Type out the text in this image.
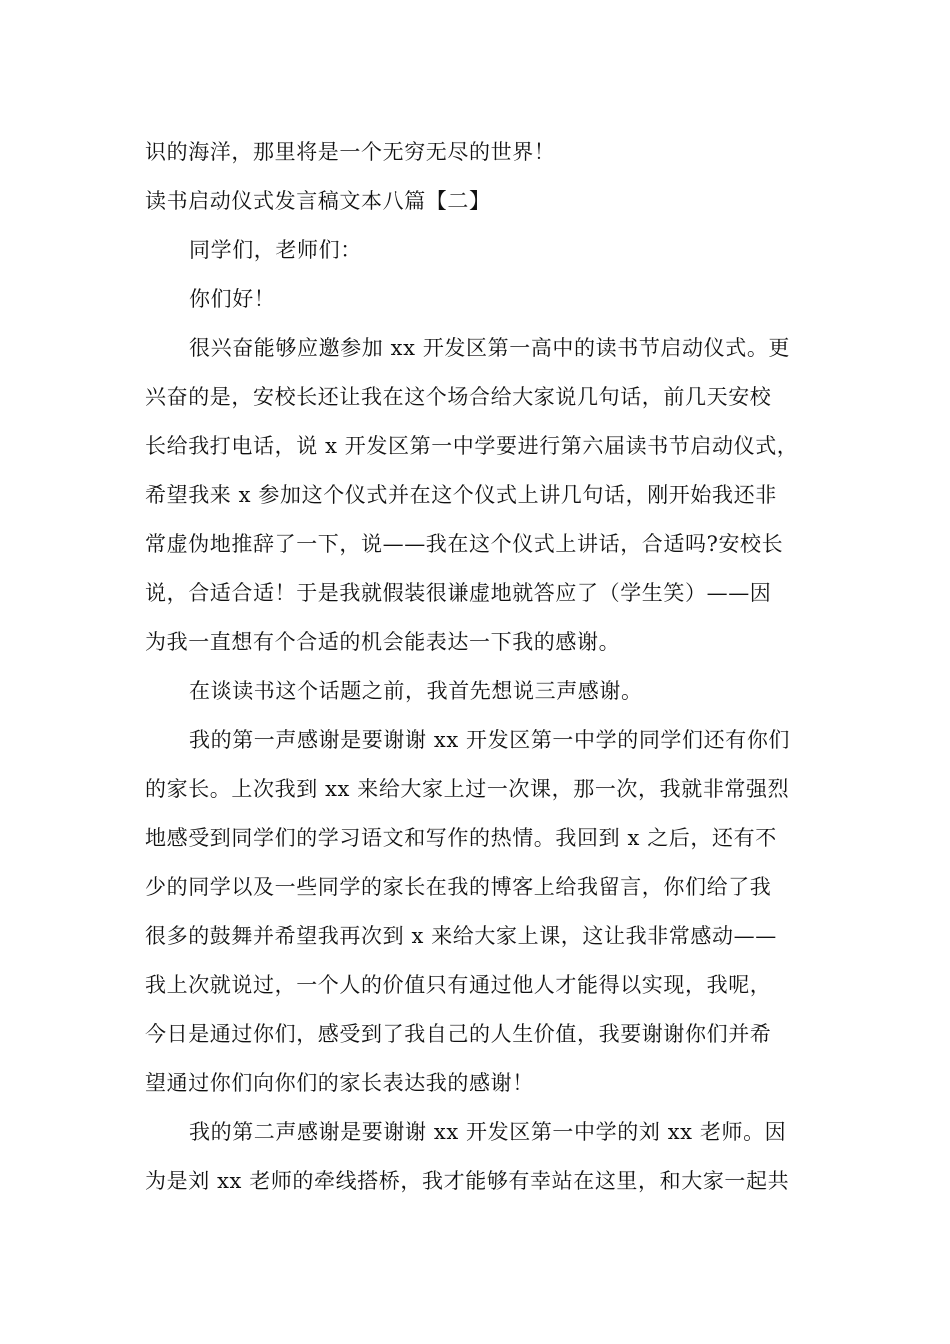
识的海洋，那里将是一个无穷无尽的世界！
读书启动仪式发言稿文本八篇【二】
同学们，老师们：
你们好！
很兴奋能够应邀参加 xx 开发区第一高中的读书节启动仪式。更
兴奋的是，安校长还让我在这个场合给大家说几句话，前几天安校
长给我打电话，说 x 开发区第一中学要进行第六届读书节启动仪式，
希望我来 x 参加这个仪式并在这个仪式上讲几句话，刚开始我还非
常虚伪地推辞了一下，说——我在这个仪式上讲话，合适吗?安校长
说，合适合适！于是我就假装很谦虚地就答应了（学生笑）——因
为我一直想有个合适的机会能表达一下我的感谢。
在谈读书这个话题之前，我首先想说三声感谢。
我的第一声感谢是要谢谢 xx 开发区第一中学的同学们还有你们
的家长。上次我到 xx 来给大家上过一次课，那一次，我就非常强烈
地感受到同学们的学习语文和写作的热情。我回到 x 之后，还有不
少的同学以及一些同学的家长在我的博客上给我留言，你们给了我
很多的鼓舞并希望我再次到 x 来给大家上课，这让我非常感动——
我上次就说过，一个人的价值只有通过他人才能得以实现，我呢，
今日是通过你们，感受到了我自己的人生价值，我要谢谢你们并希
望通过你们向你们的家长表达我的感谢！
我的第二声感谢是要谢谢 xx 开发区第一中学的刘 xx 老师。因
为是刘 xx 老师的牵线搭桥，我才能够有幸站在这里，和大家一起共
